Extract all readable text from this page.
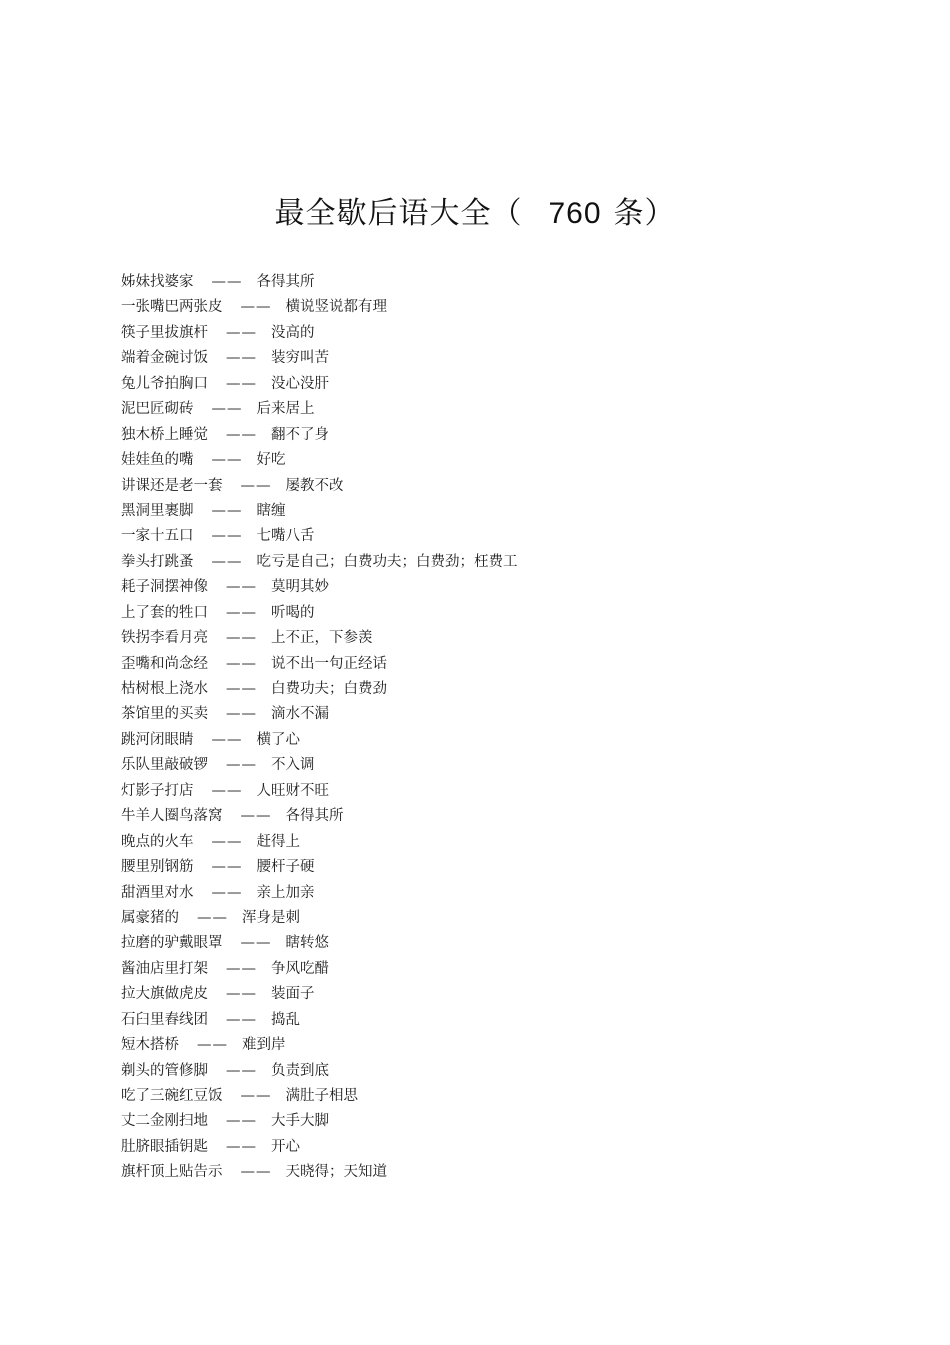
最全歇后语大全（ 760 条）
姊妹找婆家 —— 各得其所
一张嘴巴两张皮 —— 横说竖说都有理
筷子里拔旗杆 —— 没高的
端着金碗讨饭 —— 装穷叫苦
兔儿爷拍胸口 —— 没心没肝
泥巴匠砌砖 —— 后来居上
独木桥上睡觉 —— 翻不了身
娃娃鱼的嘴 —— 好吃
讲课还是老一套 —— 屡教不改
黑洞里裹脚 —— 瞎缠
一家十五口 —— 七嘴八舌
拳头打跳蚤 —— 吃亏是自己；白费功夫；白费劲；枉费工
耗子洞摆神像 —— 莫明其妙
上了套的牲口 —— 听喝的
铁拐李看月亮 —— 上不正，下参羡
歪嘴和尚念经 —— 说不出一句正经话
枯树根上浇水 —— 白费功夫；白费劲
茶馆里的买卖 —— 滴水不漏
跳河闭眼睛 —— 横了心
乐队里敲破锣 —— 不入调
灯影子打店 —— 人旺财不旺
牛羊人圈鸟落窝 —— 各得其所
晚点的火车 —— 赶得上
腰里别钢筋 —— 腰杆子硬
甜酒里对水 —— 亲上加亲
属豪猪的 —— 浑身是刺
拉磨的驴戴眼罩 —— 瞎转悠
酱油店里打架 —— 争风吃醋
拉大旗做虎皮 —— 装面子
石臼里舂线团 —— 捣乱
短木搭桥 —— 难到岸
剃头的管修脚 —— 负责到底
吃了三碗红豆饭 —— 满肚子相思
丈二金刚扫地 —— 大手大脚
肚脐眼插钥匙 —— 开心
旗杆顶上贴告示 —— 天晓得；天知道
